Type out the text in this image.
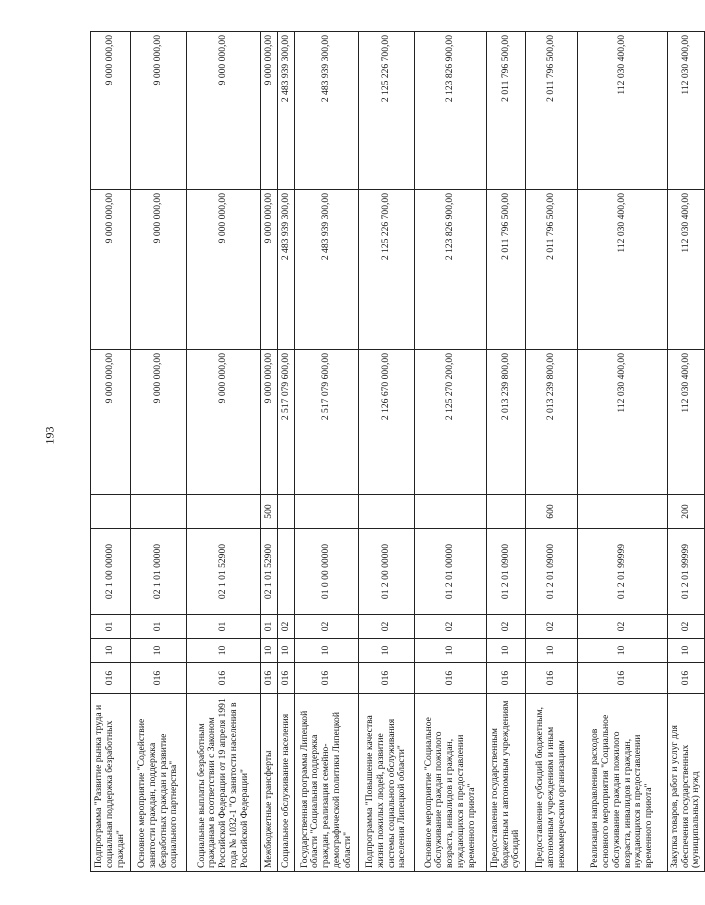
193
Подпрограмма "Развитие рынка труда и социальная поддержка безработных граждан"	016	10	01	02 1 00 00000		9 000 000,00	9 000 000,00	9 000 000,00
Основное мероприятие "Содействие занятости граждан, поддержка безработных граждан и развитие социального партнерства"	016	10	01	02 1 01 00000		9 000 000,00	9 000 000,00	9 000 000,00
Социальные выплаты безработным гражданам в соответствии с Законом Российской Федерации от 19 апреля 1991 года № 1032-1 "О занятости населения в Российской Федерации"	016	10	01	02 1 01 52900		9 000 000,00	9 000 000,00	9 000 000,00
Межбюджетные трансферты	016	10	01	02 1 01 52900	500	9 000 000,00	9 000 000,00	9 000 000,00
Социальное обслуживание населения	016	10	02			2 517 079 600,00	2 483 939 300,00	2 483 939 300,00
Государственная программа Липецкой области "Социальная поддержка граждан, реализация семейно-демографической политики Липецкой области"	016	10	02	01 0 00 00000		2 517 079 600,00	2 483 939 300,00	2 483 939 300,00
Подпрограмма "Повышение качества жизни пожилых людей, развитие системы социального обслуживания населения Липецкой области"	016	10	02	01 2 00 00000		2 126 670 000,00	2 125 226 700,00	2 125 226 700,00
Основное мероприятие "Социальное обслуживание граждан пожилого возраста, инвалидов и граждан, нуждающихся в предоставлении временного приюта"	016	10	02	01 2 01 00000		2 125 270 200,00	2 123 826 900,00	2 123 826 900,00
Предоставление государственным бюджетным и автономным учреждениям субсидий	016	10	02	01 2 01 09000		2 013 239 800,00	2 011 796 500,00	2 011 796 500,00
Предоставление субсидий бюджетным, автономным учреждениям и иным некоммерческим организациям	016	10	02	01 2 01 09000	600	2 013 239 800,00	2 011 796 500,00	2 011 796 500,00
Реализация направления расходов основного мероприятия "Социальное обслуживание граждан пожилого возраста, инвалидов и граждан, нуждающихся в предоставлении временного приюта"	016	10	02	01 2 01 99999		112 030 400,00	112 030 400,00	112 030 400,00
Закупка товаров, работ и услуг для обеспечения государственных (муниципальных) нужд	016	10	02	01 2 01 99999	200	112 030 400,00	112 030 400,00	112 030 400,00
